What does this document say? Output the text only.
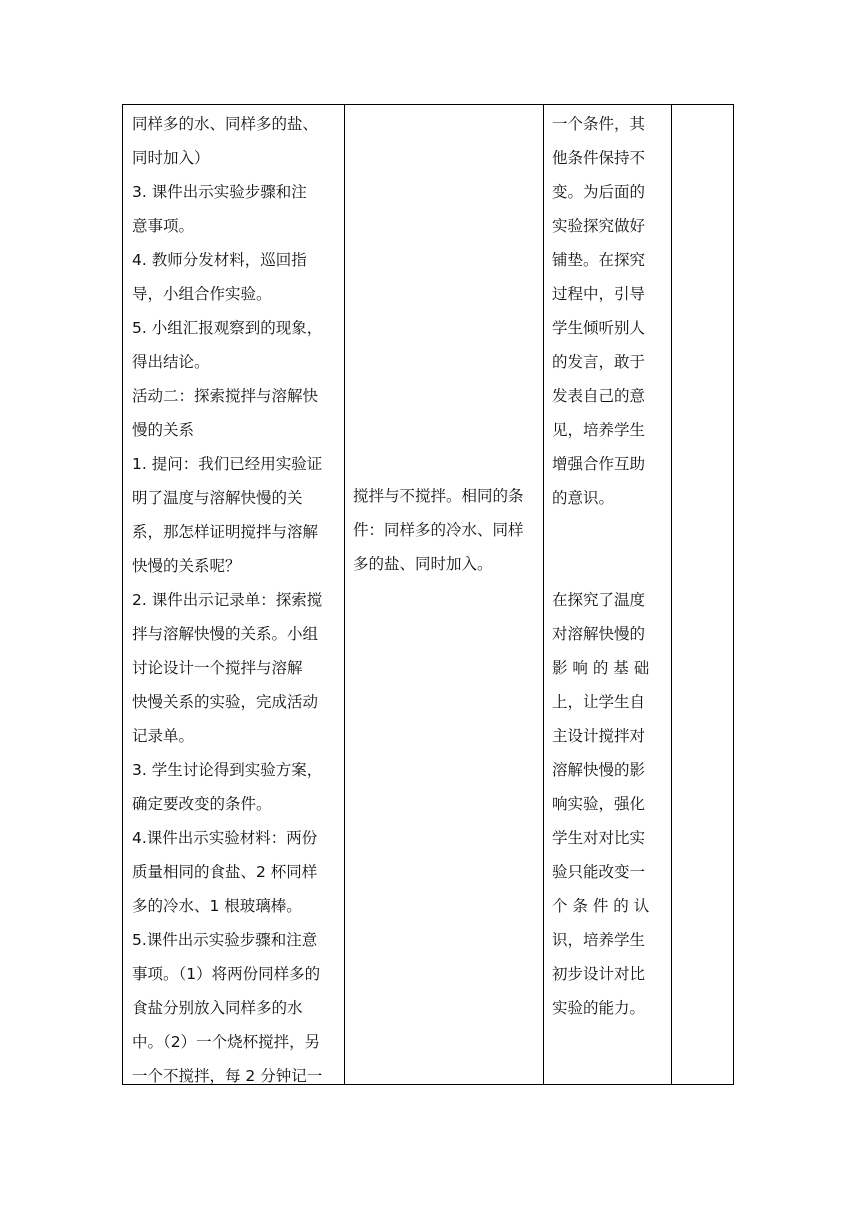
同样多的水、同样多的盐、
同时加入）
3. 课件出示实验步骤和注
意事项。
4. 教师分发材料，巡回指
导，小组合作实验。
5. 小组汇报观察到的现象，
得出结论。
活动二：探索搅拌与溶解快
慢的关系
1. 提问：我们已经用实验证
明了温度与溶解快慢的关
系，那怎样证明搅拌与溶解
快慢的关系呢？
2. 课件出示记录单：探索搅
拌与溶解快慢的关系。小组
讨论设计一个搅拌与溶解
快慢关系的实验，完成活动
记录单。
3. 学生讨论得到实验方案，
确定要改变的条件。
4.课件出示实验材料：两份
质量相同的食盐、2 杯同样
多的冷水、1 根玻璃棒。
5.课件出示实验步骤和注意
事项。（1）将两份同样多的
食盐分别放入同样多的水
中。（2）一个烧杯搅拌，另
一个不搅拌，每 2 分钟记一
搅拌与不搅拌。相同的条
件：同样多的冷水、同样
多的盐、同时加入。
一个条件，其
他条件保持不
变。为后面的
实验探究做好
铺垫。在探究
过程中，引导
学生倾听别人
的发言，敢于
发表自己的意
见，培养学生
增强合作互助
的意识。
在探究了温度
对溶解快慢的
影 响 的 基 础
上，让学生自
主设计搅拌对
溶解快慢的影
响实验，强化
学生对对比实
验只能改变一
个 条 件 的 认
识，培养学生
初步设计对比
实验的能力。
